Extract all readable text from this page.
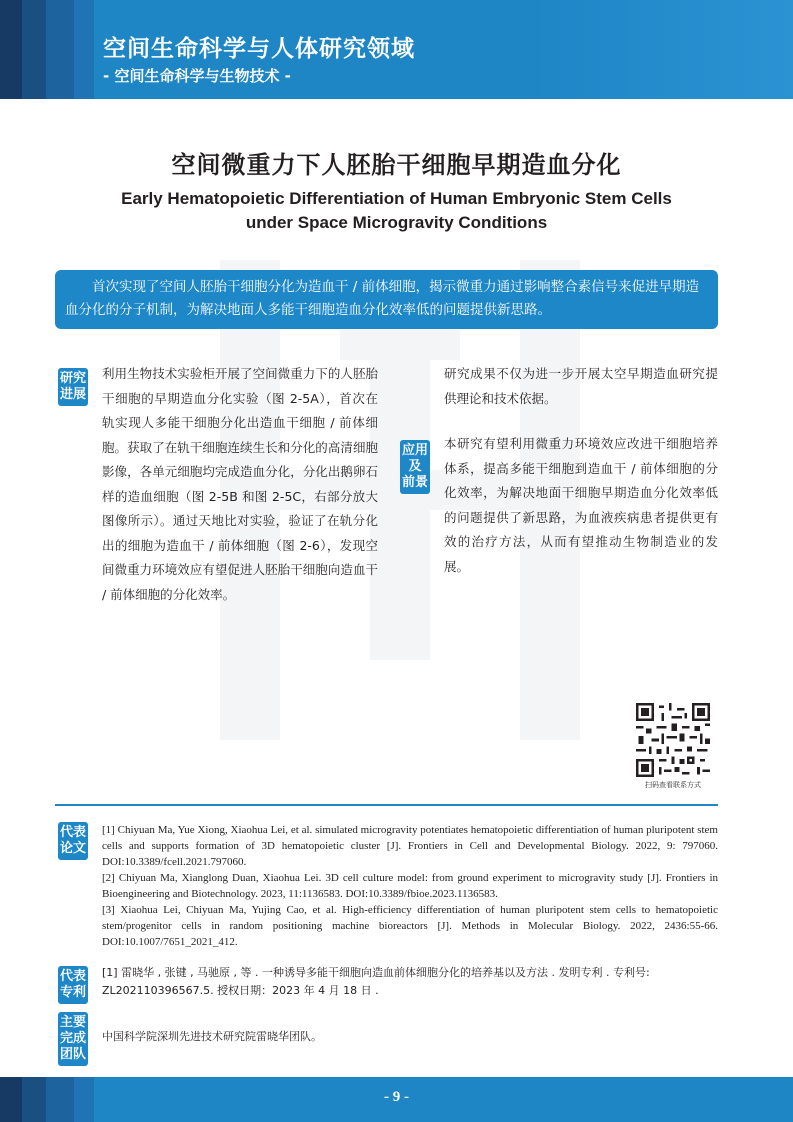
空间生命科学与人体研究领域
- 空间生命科学与生物技术 -
空间微重力下人胚胎干细胞早期造血分化
Early Hematopoietic Differentiation of Human Embryonic Stem Cells
under Space Microgravity Conditions

首次实现了空间人胚胎干细胞分化为造血干 / 前体细胞，揭示微重力通过影响整合素信号来促进早期造血分化的分子机制，为解决地面人多能干细胞造血分化效率低的问题提供新思路。

研究
进展
利用生物技术实验柜开展了空间微重力下的人胚胎干细胞的早期造血分化实验（图 2-5A），首次在轨实现人多能干细胞分化出造血干细胞 / 前体细胞。获取了在轨干细胞连续生长和分化的高清细胞影像，各单元细胞均完成造血分化，分化出鹅卵石样的造血细胞（图 2-5B 和图 2-5C，右部分放大图像所示）。通过天地比对实验，验证了在轨分化出的细胞为造血干 / 前体细胞（图 2-6），发现空间微重力环境效应有望促进人胚胎干细胞向造血干 / 前体细胞的分化效率。
研究成果不仅为进一步开展太空早期造血研究提供理论和技术依据。
应用
及
前景
本研究有望利用微重力环境效应改进干细胞培养体系，提高多能干细胞到造血干 / 前体细胞的分化效率，为解决地面干细胞早期造血分化效率低的问题提供了新思路，为血液疾病患者提供更有效的治疗方法，从而有望推动生物制造业的发展。
扫码查看联系方式
代表
论文

[1] Chiyuan Ma, Yue Xiong, Xiaohua Lei, et al. simulated microgravity potentiates hematopoietic differentiation of human pluripotent stem cells and supports formation of 3D hematopoietic cluster [J]. Frontiers in Cell and Developmental Biology. 2022, 9: 797060. DOI:10.3389/fcell.2021.797060.

[2] Chiyuan Ma, Xianglong Duan, Xiaohua Lei. 3D cell culture model: from ground experiment to microgravity study [J]. Frontiers in Bioengineering and Biotechnology. 2023, 11:1136583. DOI:10.3389/fbioe.2023.1136583.

[3] Xiaohua Lei, Chiyuan Ma, Yujing Cao, et al. High-efficiency differentiation of human pluripotent stem cells to hematopoietic stem/progenitor cells in random positioning machine bioreactors [J]. Methods in Molecular Biology. 2022, 2436:55-66. DOI:10.1007/7651_2021_412.

代表
专利
[1] 雷晓华 , 张键 , 马驰原 , 等 . 一种诱导多能干细胞向造血前体细胞分化的培养基以及方法 . 发明专利 . 专利号: ZL202110396567.5. 授权日期：2023 年 4 月 18 日 .
主要
完成
团队
中国科学院深圳先进技术研究院雷晓华团队。
- 9 -
